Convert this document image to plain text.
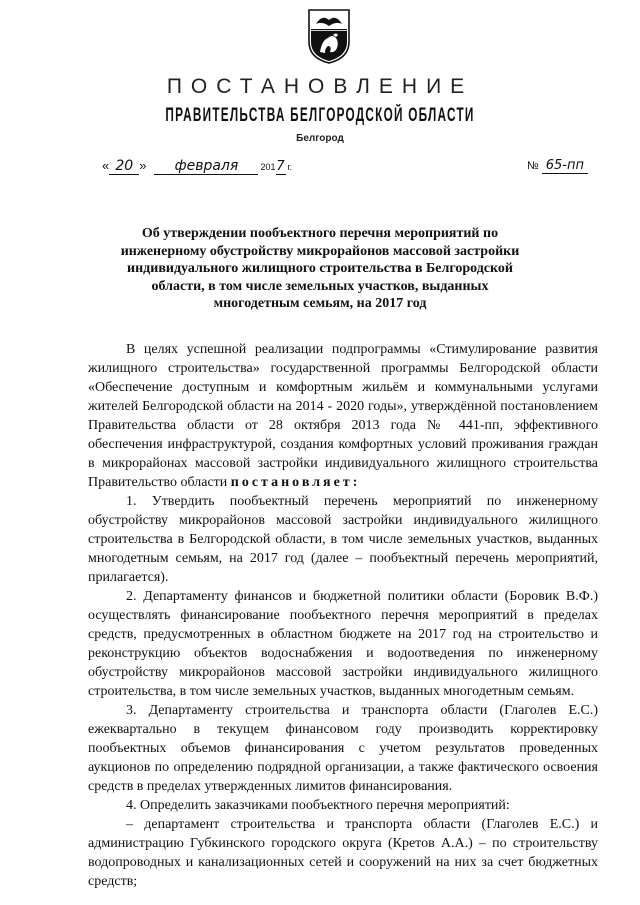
ПОСТАНОВЛЕНИЕ
ПРАВИТЕЛЬСТВА БЕЛГОРОДСКОЙ ОБЛАСТИ
Белгород
« 20 » февраля 2017 г.	№ 65-пп
Об утверждении пообъектного перечня мероприятий по инженерному обустройству микрорайонов массовой застройки индивидуального жилищного строительства в Белгородской области, в том числе земельных участков, выданных многодетным семьям, на 2017 год

В целях успешной реализации подпрограммы «Стимулирование развития жилищного строительства» государственной программы Белгородской области «Обеспечение доступным и комфортным жильём и коммунальными услугами жителей Белгородской области на 2014 - 2020 годы», утверждённой постановлением Правительства области от 28 октября 2013 года № 441-пп, эффективного обеспечения инфраструктурой, создания комфортных условий проживания граждан в микрорайонах массовой застройки индивидуального жилищного строительства Правительство области постановляет:

1. Утвердить пообъектный перечень мероприятий по инженерному обустройству микрорайонов массовой застройки индивидуального жилищного строительства в Белгородской области, в том числе земельных участков, выданных многодетным семьям, на 2017 год (далее – пообъектный перечень мероприятий, прилагается).

2. Департаменту финансов и бюджетной политики области (Боровик В.Ф.) осуществлять финансирование пообъектного перечня мероприятий в пределах средств, предусмотренных в областном бюджете на 2017 год на строительство и реконструкцию объектов водоснабжения и водоотведения по инженерному обустройству микрорайонов массовой застройки индивидуального жилищного строительства, в том числе земельных участков, выданных многодетным семьям.

3. Департаменту строительства и транспорта области (Глаголев Е.С.) ежеквартально в текущем финансовом году производить корректировку пообъектных объемов финансирования с учетом результатов проведенных аукционов по определению подрядной организации, а также фактического освоения средств в пределах утвержденных лимитов финансирования.

4. Определить заказчиками пообъектного перечня мероприятий:

– департамент строительства и транспорта области (Глаголев Е.С.) и администрацию Губкинского городского округа (Кретов А.А.) – по строительству водопроводных и канализационных сетей и сооружений на них за счет бюджетных средств;
